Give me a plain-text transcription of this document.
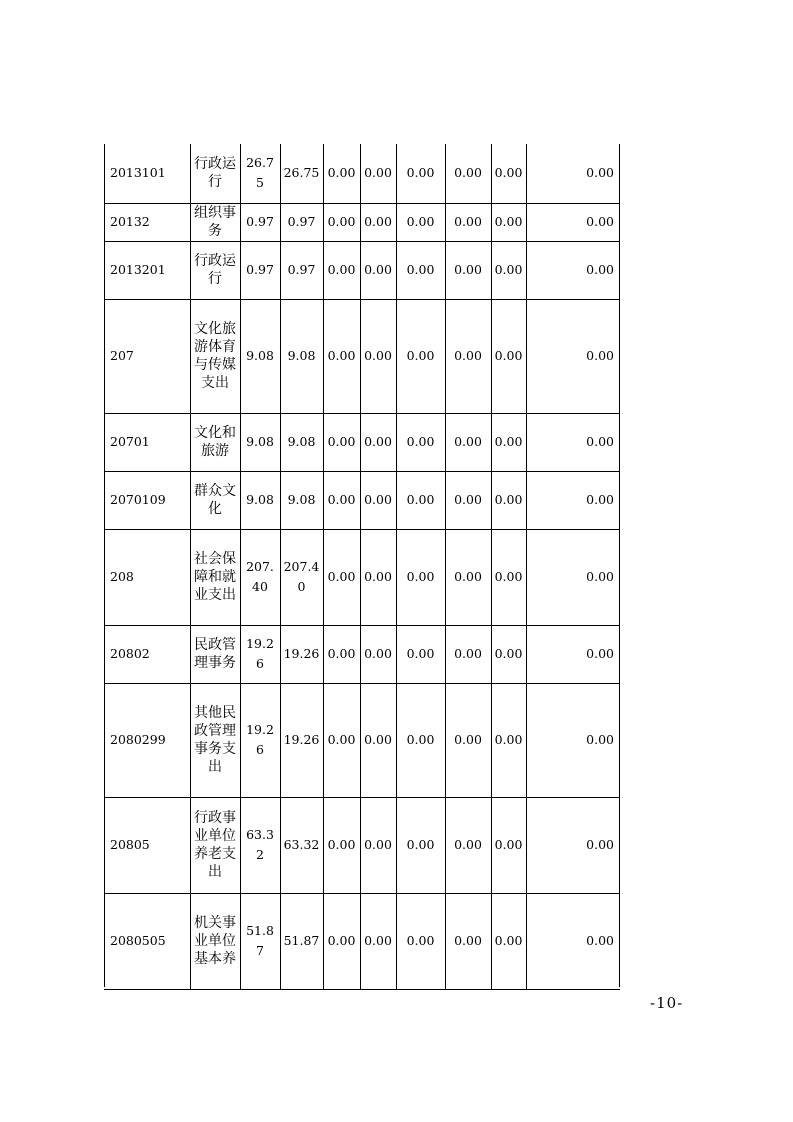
2013101	行政运行	26.75	26.75	0.00	0.00	0.00	0.00	0.00	0.00
20132	组织事务	0.97	0.97	0.00	0.00	0.00	0.00	0.00	0.00
2013201	行政运行	0.97	0.97	0.00	0.00	0.00	0.00	0.00	0.00
207	文化旅游体育与传媒支出	9.08	9.08	0.00	0.00	0.00	0.00	0.00	0.00
20701	文化和旅游	9.08	9.08	0.00	0.00	0.00	0.00	0.00	0.00
2070109	群众文化	9.08	9.08	0.00	0.00	0.00	0.00	0.00	0.00
208	社会保障和就业支出	207.40	207.40	0.00	0.00	0.00	0.00	0.00	0.00
20802	民政管理事务	19.26	19.26	0.00	0.00	0.00	0.00	0.00	0.00
2080299	其他民政管理事务支出	19.26	19.26	0.00	0.00	0.00	0.00	0.00	0.00
20805	行政事业单位养老支出	63.32	63.32	0.00	0.00	0.00	0.00	0.00	0.00
2080505	机关事业单位基本养	51.87	51.87	0.00	0.00	0.00	0.00	0.00	0.00
-10-
